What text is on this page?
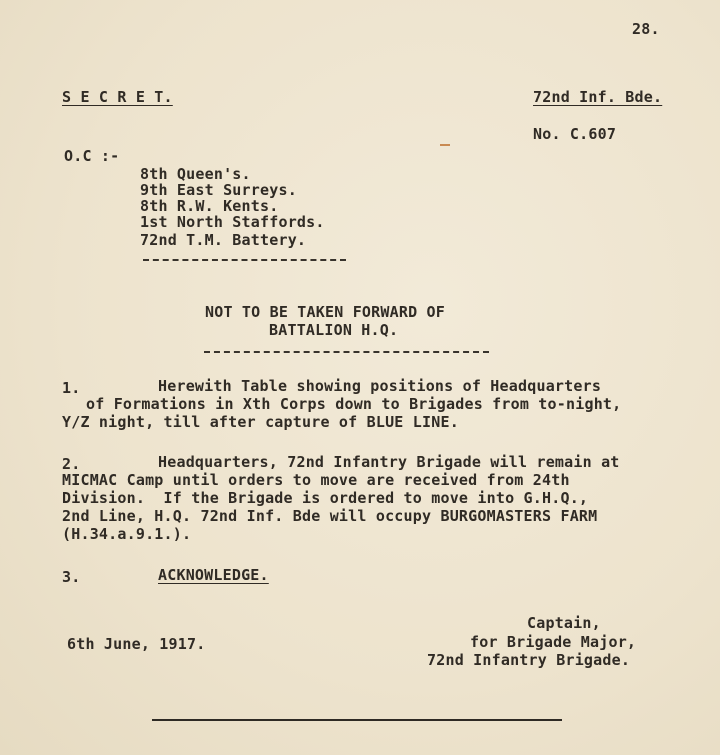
28.
S E C R E T.	72nd Inf. Bde.
No. C.607
O.C :-
8th Queen's.
9th East Surreys.
8th R.W. Kents.
1st North Staffords.
72nd T.M. Battery.
NOT TO BE TAKEN FORWARD OF
BATTALION H.Q.
1.	Herewith Table showing positions of Headquarters
of Formations in Xth Corps down to Brigades from to-night,
Y/Z night, till after capture of BLUE LINE.
2.	Headquarters, 72nd Infantry Brigade will remain at
MICMAC Camp until orders to move are received from 24th
Division.  If the Brigade is ordered to move into G.H.Q.,
2nd Line, H.Q. 72nd Inf. Bde will occupy BURGOMASTERS FARM
(H.34.a.9.1.).
3.	ACKNOWLEDGE.
Captain,
for Brigade Major,
72nd Infantry Brigade.
6th June, 1917.
